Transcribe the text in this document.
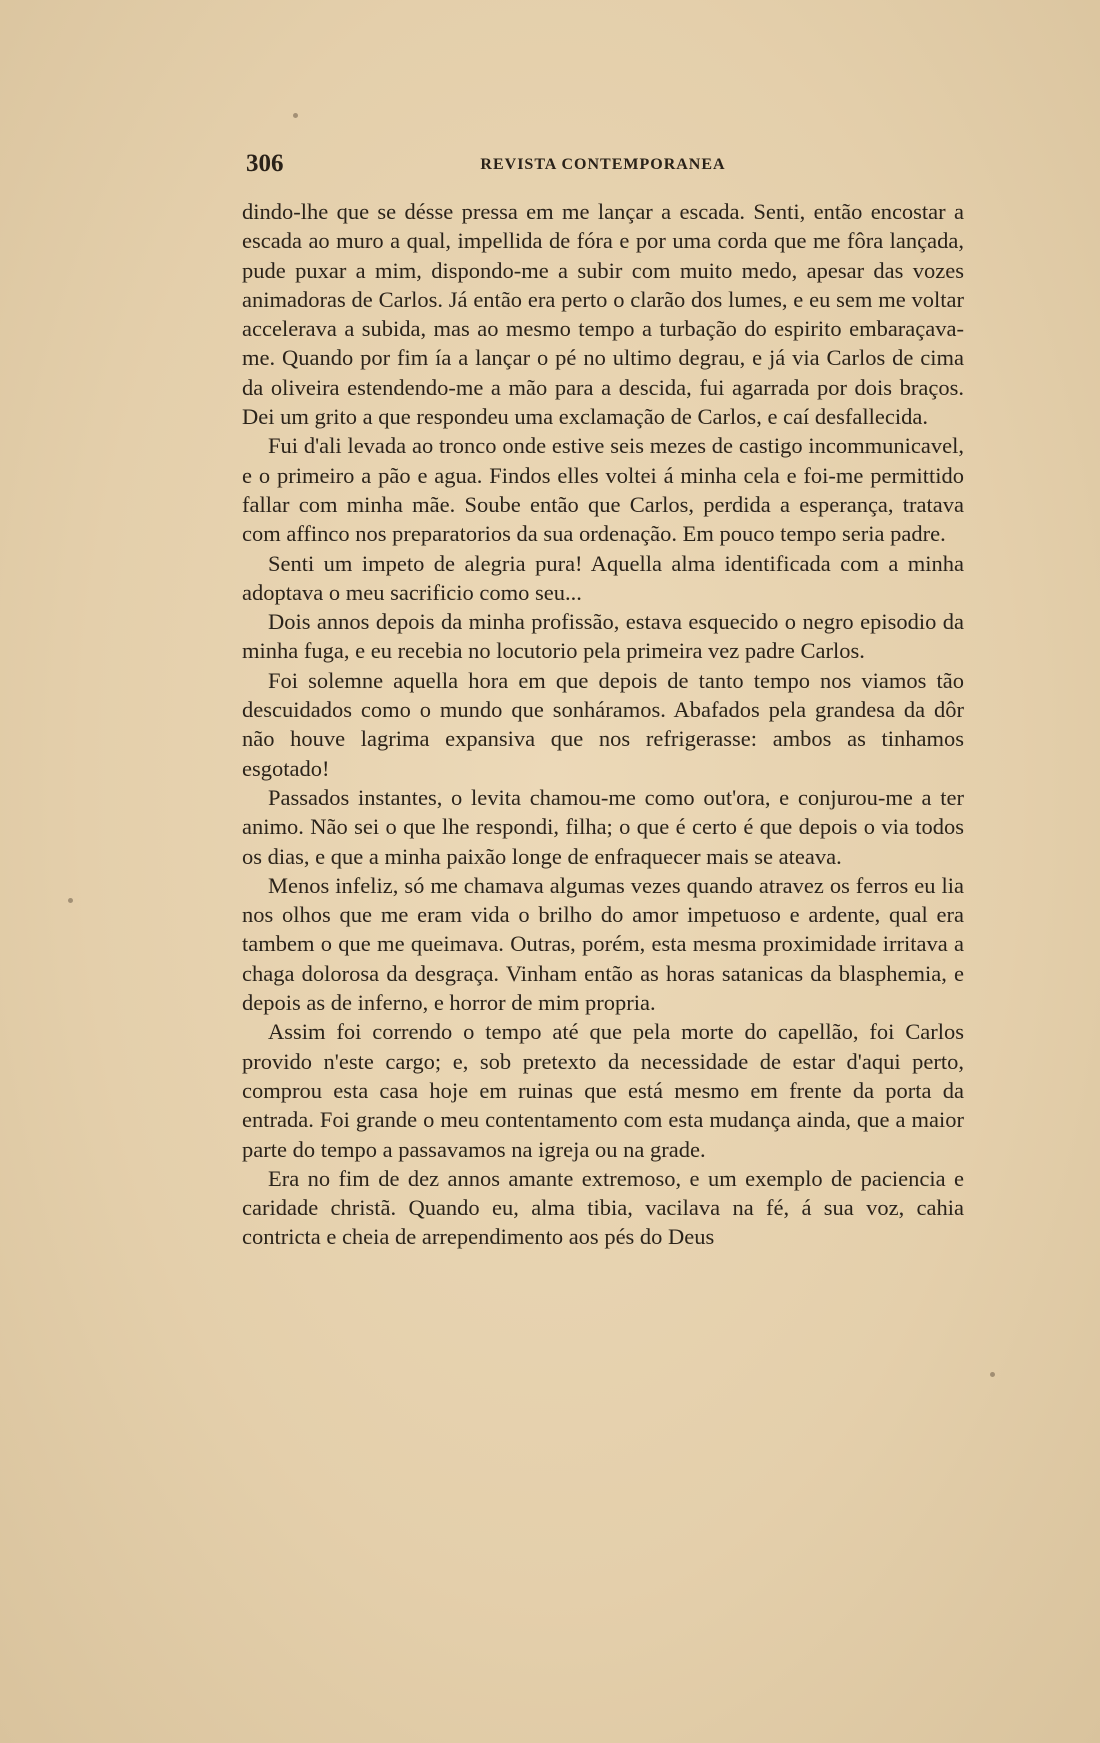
306	REVISTA CONTEMPORANEA

dindo-lhe que se désse pressa em me lançar a escada. Senti, então encostar a escada ao muro a qual, impellida de fóra e por uma corda que me fôra lançada, pude puxar a mim, dispondo-me a subir com muito medo, apesar das vozes animadoras de Carlos. Já então era perto o clarão dos lumes, e eu sem me voltar accelerava a subida, mas ao mesmo tempo a turbação do espirito embaraçava-me. Quando por fim ía a lançar o pé no ultimo degrau, e já via Carlos de cima da oliveira estendendo-me a mão para a descida, fui agarrada por dois braços. Dei um grito a que respondeu uma exclamação de Carlos, e caí desfallecida.

Fui d'ali levada ao tronco onde estive seis mezes de castigo incommunicavel, e o primeiro a pão e agua. Findos elles voltei á minha cela e foi-me permittido fallar com minha mãe. Soube então que Carlos, perdida a esperança, tratava com affinco nos preparatorios da sua ordenação. Em pouco tempo seria padre.

Senti um impeto de alegria pura! Aquella alma identificada com a minha adoptava o meu sacrificio como seu...

Dois annos depois da minha profissão, estava esquecido o negro episodio da minha fuga, e eu recebia no locutorio pela primeira vez padre Carlos.

Foi solemne aquella hora em que depois de tanto tempo nos viamos tão descuidados como o mundo que sonháramos. Abafados pela grandesa da dôr não houve lagrima expansiva que nos refrigerasse: ambos as tinhamos esgotado!

Passados instantes, o levita chamou-me como out'ora, e conjurou-me a ter animo. Não sei o que lhe respondi, filha; o que é certo é que depois o via todos os dias, e que a minha paixão longe de enfraquecer mais se ateava.

Menos infeliz, só me chamava algumas vezes quando atravez os ferros eu lia nos olhos que me eram vida o brilho do amor impetuoso e ardente, qual era tambem o que me queimava. Outras, porém, esta mesma proximidade irritava a chaga dolorosa da desgraça. Vinham então as horas satanicas da blasphemia, e depois as de inferno, e horror de mim propria.

Assim foi correndo o tempo até que pela morte do capellão, foi Carlos provido n'este cargo; e, sob pretexto da necessidade de estar d'aqui perto, comprou esta casa hoje em ruinas que está mesmo em frente da porta da entrada. Foi grande o meu contentamento com esta mudança ainda, que a maior parte do tempo a passavamos na igreja ou na grade.

Era no fim de dez annos amante extremoso, e um exemplo de paciencia e caridade christã. Quando eu, alma tibia, vacilava na fé, á sua voz, cahia contricta e cheia de arrependimento aos pés do Deus
